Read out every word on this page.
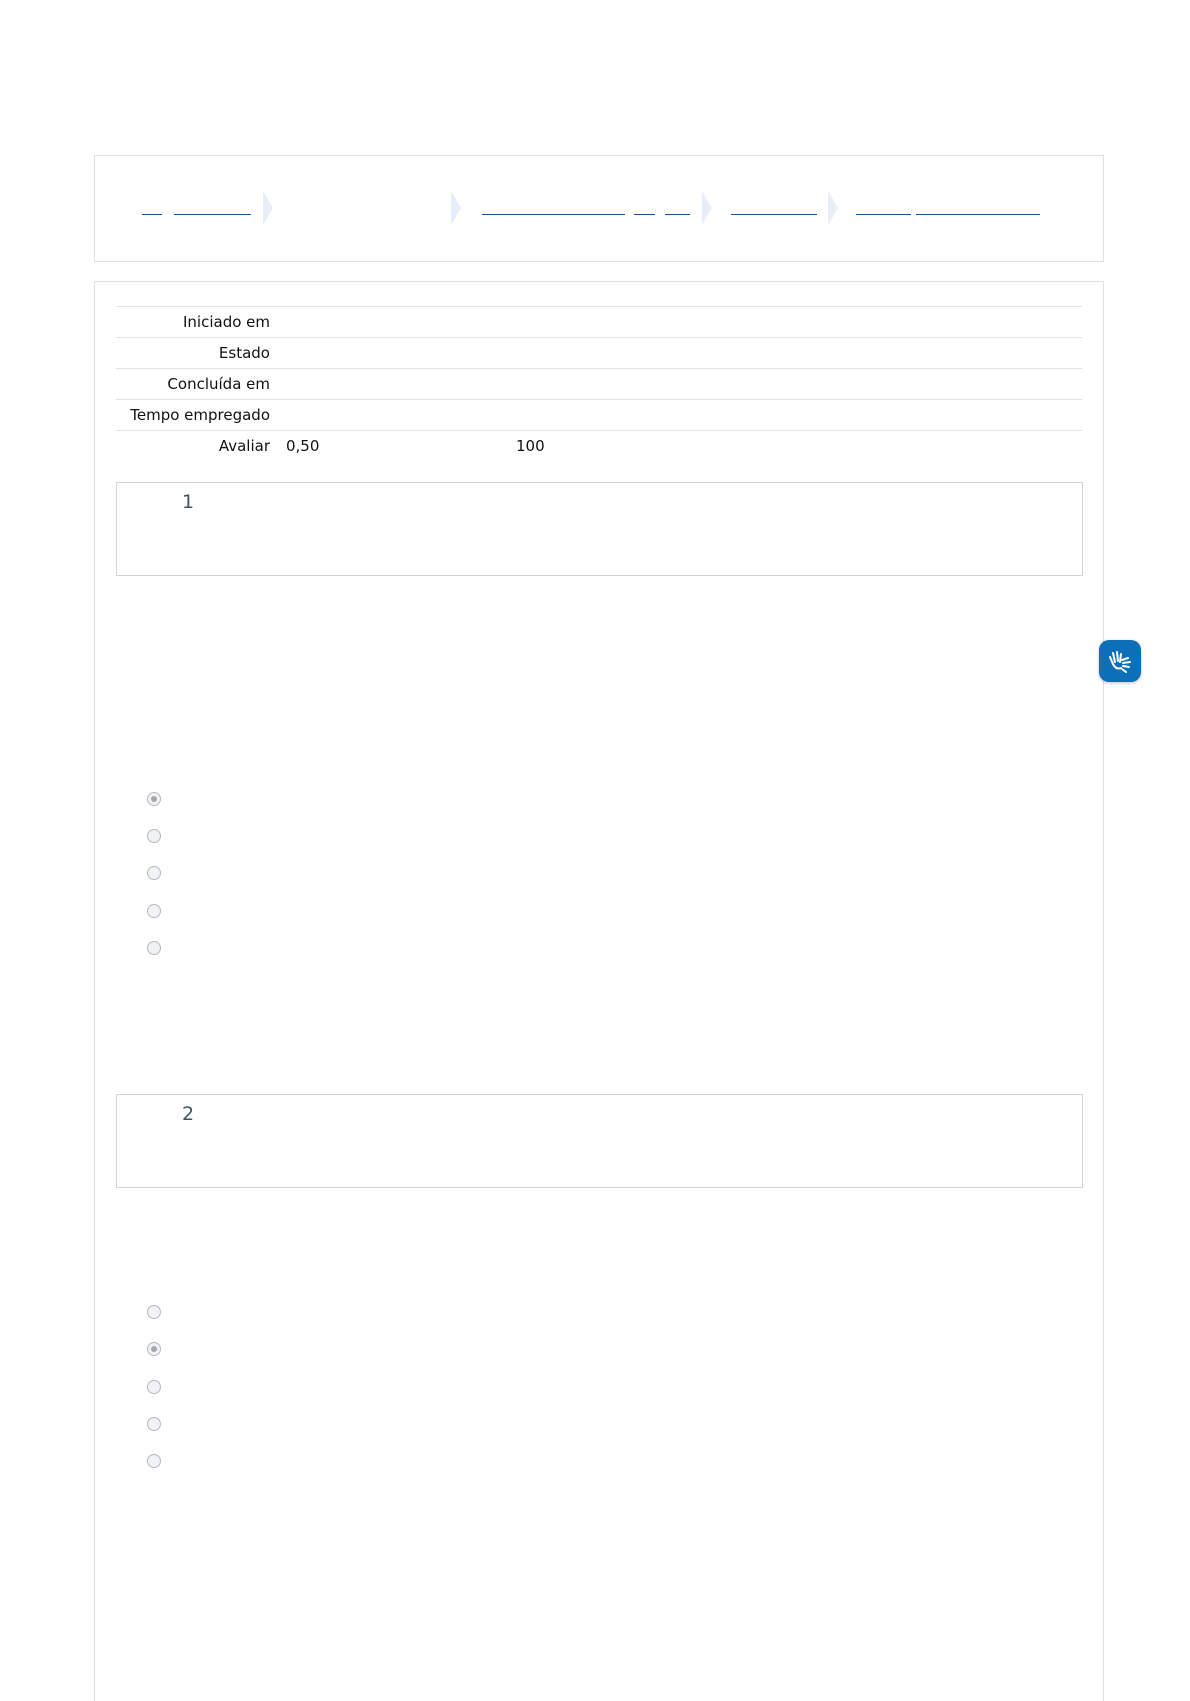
Iniciado em	
Estado	
Concluída em	
Tempo empregado	
Avaliar	0,50 100
1
2
